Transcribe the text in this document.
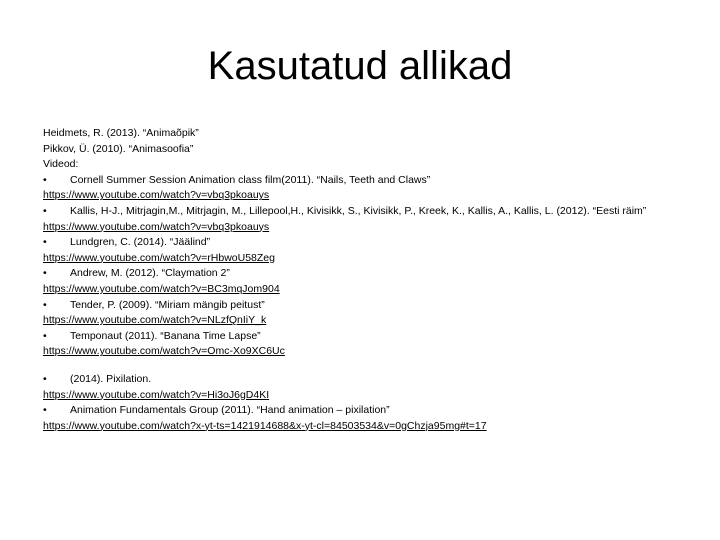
Kasutatud allikad
Heidmets, R. (2013). “Animaõpik”
Pikkov, Ü. (2010). “Animasoofia”
Videod:
•	Cornell Summer Session Animation class film(2011). “Nails, Teeth and Claws”
https://www.youtube.com/watch?v=vbq3pkoauys
•	Kallis, H-J., Mitrjagin,M., Mitrjagin, M., Lillepool,H., Kivisikk, S., Kivisikk, P., Kreek, K., Kallis, A., Kallis, L. (2012). “Eesti räim”
https://www.youtube.com/watch?v=vbq3pkoauys
•	Lundgren, C. (2014). “Jäälind”
https://www.youtube.com/watch?v=rHbwoU58Zeg
•	Andrew, M. (2012). “Claymation 2”
https://www.youtube.com/watch?v=BC3mqJom904
•	Tender, P. (2009). “Miriam mängib peitust”
https://www.youtube.com/watch?v=NLzfQnIiY_k
•	Temponaut (2011). “Banana Time Lapse”
https://www.youtube.com/watch?v=Omc-Xo9XC6Uc
•	(2014). Pixilation.
https://www.youtube.com/watch?v=Hi3oJ6gD4KI
•	Animation Fundamentals Group (2011). “Hand animation – pixilation”
https://www.youtube.com/watch?x-yt-ts=1421914688&x-yt-cl=84503534&v=0gChzja95mg#t=17
